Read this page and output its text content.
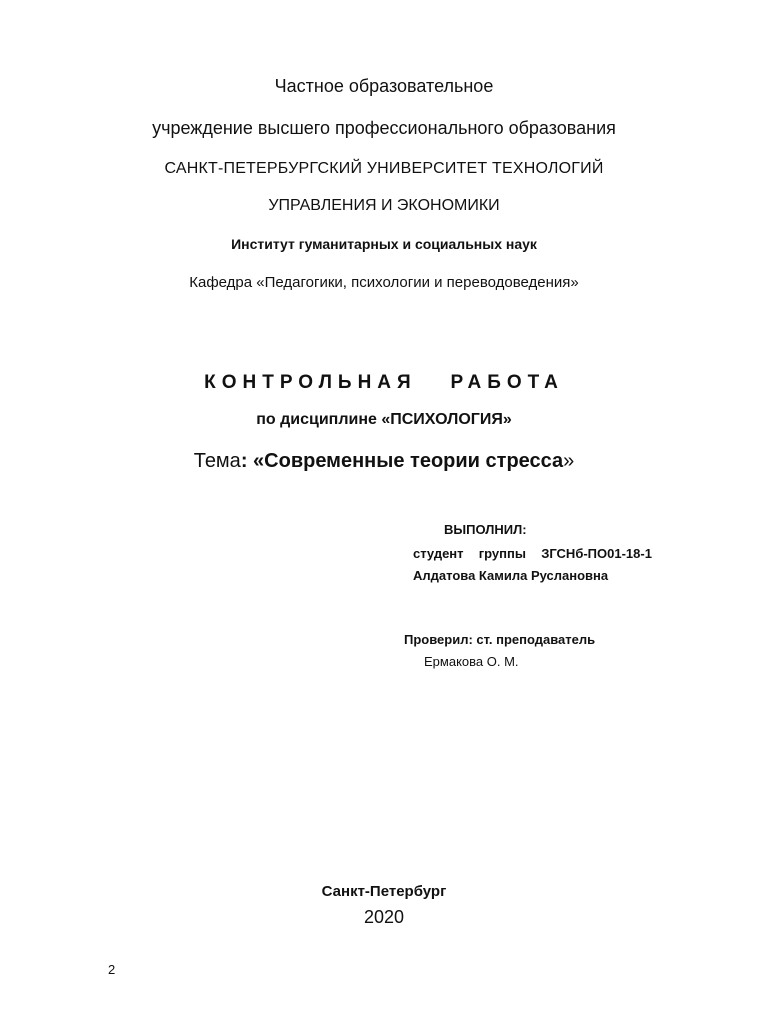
Частное образовательное
учреждение высшего профессионального образования
САНКТ-ПЕТЕРБУРГСКИЙ УНИВЕРСИТЕТ ТЕХНОЛОГИЙ
УПРАВЛЕНИЯ И ЭКОНОМИКИ
Институт гуманитарных и социальных наук
Кафедра «Педагогики, психологии и переводоведения»
КОНТРОЛЬНАЯ   РАБОТА
по дисциплине «ПСИХОЛОГИЯ»
Тема: «Современные теории стресса»
ВЫПОЛНИЛ:
студент  группы  ЗГСНб-ПО01-18-1
Алдатова Камила Руслановна
Проверил: ст. преподаватель
Ермакова О. М.
Санкт-Петербург
2020
2
